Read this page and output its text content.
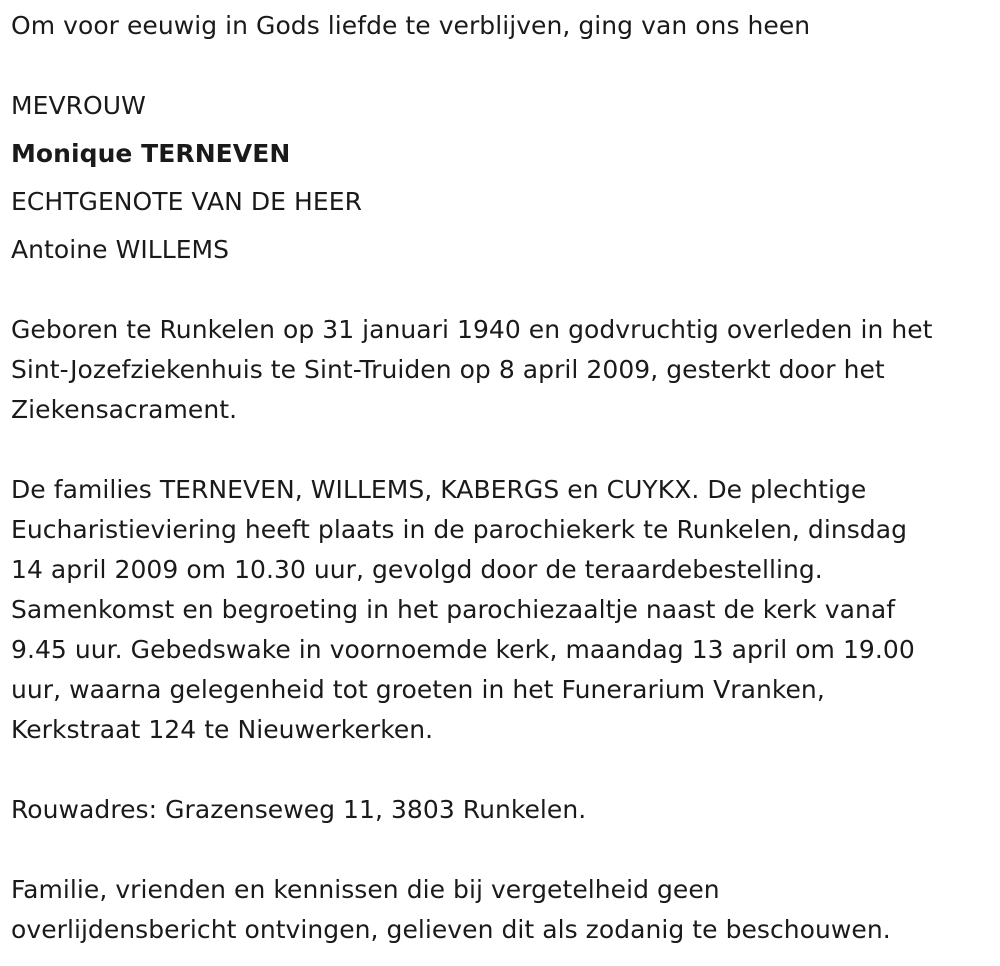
Om voor eeuwig in Gods liefde te verblijven, ging van ons heen
MEVROUW
Monique TERNEVEN
ECHTGENOTE VAN DE HEER
Antoine WILLEMS
Geboren te Runkelen op 31 januari 1940 en godvruchtig overleden in het
Sint-Jozefziekenhuis te Sint-Truiden op 8 april 2009, gesterkt door het
Ziekensacrament.
De families TERNEVEN, WILLEMS, KABERGS en CUYKX. De plechtige
Eucharistieviering heeft plaats in de parochiekerk te Runkelen, dinsdag
14 april 2009 om 10.30 uur, gevolgd door de teraardebestelling.
Samenkomst en begroeting in het parochiezaaltje naast de kerk vanaf
9.45 uur. Gebedswake in voornoemde kerk, maandag 13 april om 19.00
uur, waarna gelegenheid tot groeten in het Funerarium Vranken,
Kerkstraat 124 te Nieuwerkerken.
Rouwadres: Grazenseweg 11, 3803 Runkelen.
Familie, vrienden en kennissen die bij vergetelheid geen
overlijdensbericht ontvingen, gelieven dit als zodanig te beschouwen.
